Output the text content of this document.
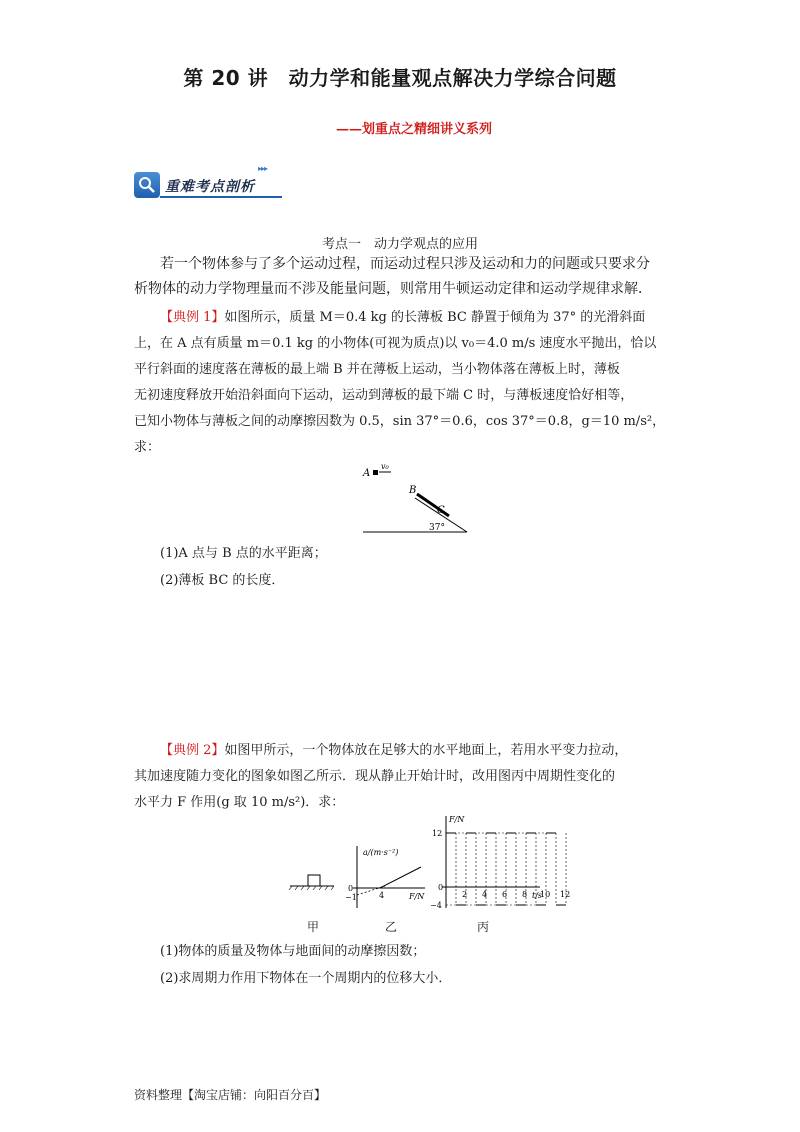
第 20 讲　动力学和能量观点解决力学综合问题
——划重点之精细讲义系列
重难考点剖析
▸▸▸
考点一　动力学观点的应用
若一个物体参与了多个运动过程，而运动过程只涉及运动和力的问题或只要求分
析物体的动力学物理量而不涉及能量问题，则常用牛顿运动定律和运动学规律求解．
【典例 1】如图所示，质量 M＝0.4 kg 的长薄板 BC 静置于倾角为 37° 的光滑斜面
上，在 A 点有质量 m＝0.1 kg 的小物体(可视为质点)以 v₀＝4.0 m/s 速度水平抛出，恰以
平行斜面的速度落在薄板的最上端 B 并在薄板上运动，当小物体落在薄板上时，薄板
无初速度释放开始沿斜面向下运动，运动到薄板的最下端 C 时，与薄板速度恰好相等，
已知小物体与薄板之间的动摩擦因数为 0.5，sin 37°＝0.6，cos 37°＝0.8，g＝10 m/s²，
求：
A
v₀
B
C
37°
(1)A 点与 B 点的水平距离；
(2)薄板 BC 的长度．
【典例 2】如图甲所示，一个物体放在足够大的水平地面上，若用水平变力拉动，
其加速度随力变化的图象如图乙所示．现从静止开始计时，改用图丙中周期性变化的
水平力 F 作用(g 取 10 m/s²)．求：
甲
a/(m·s⁻²)
F/N
0
−1	4
乙
F/N
t/s
12
−4
0
2 4 6 8 10 12
丙
(1)物体的质量及物体与地面间的动摩擦因数；
(2)求周期力作用下物体在一个周期内的位移大小．
资料整理【淘宝店铺：向阳百分百】
